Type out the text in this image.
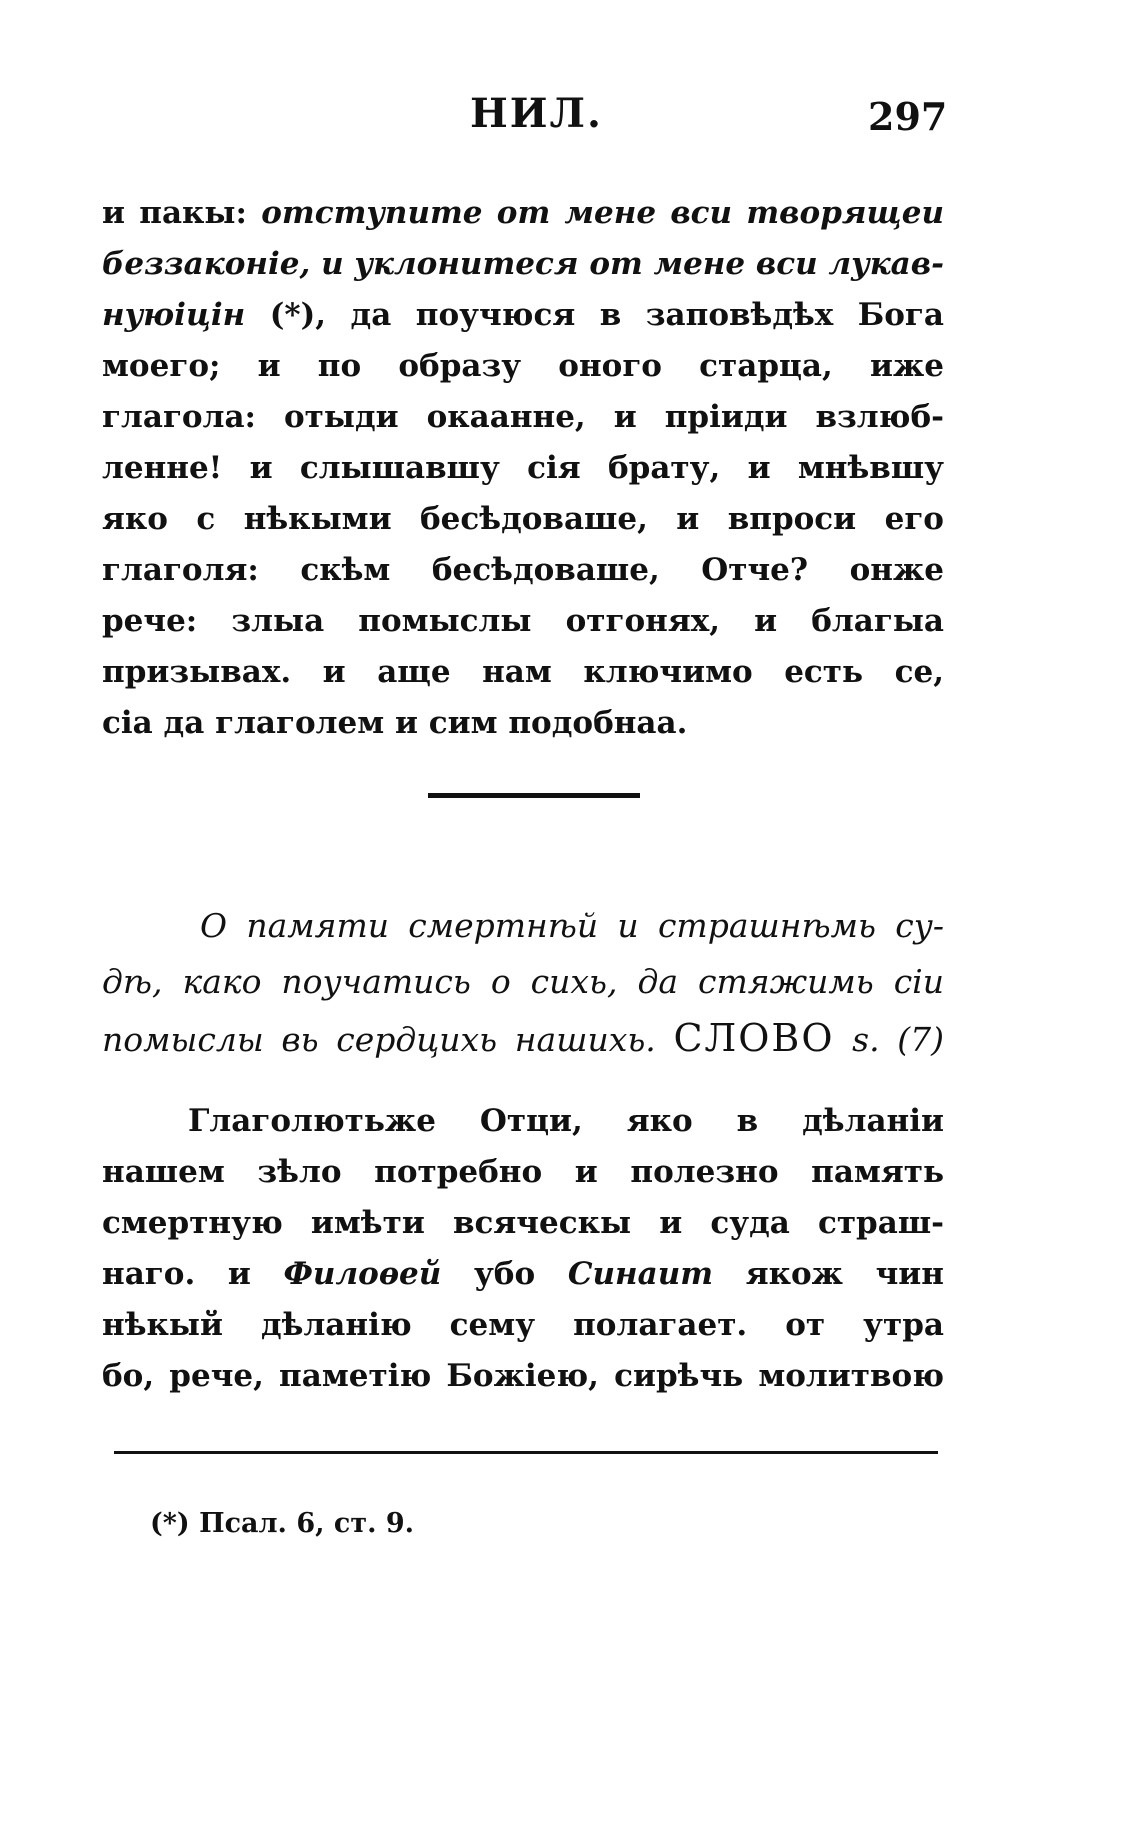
НИЛ.	297
и пакы: отступите от мене вси творящеи
беззаконіе, и уклонитеся от мене вси лукав-
нуюіцін (*), да поучюся в заповѣдѣх Бога
моего; и по образу оного старца, иже
глагола: отыди окаанне, и пріиди взлюб-
ленне! и слышавшу сія брату, и мнѣвшу
яко с нѣкыми бесѣдоваше, и впроси его
глаголя: скѣм бесѣдоваше, Отче? онже
рече: злыа помыслы отгонях, и благыа
призывах. и аще нам ключимо есть се,
сіа да глаголем и сим подобнаа.
О памяти смертнѣй и страшнѣмь су-
дѣ, како поучатись о сихь, да стяжимь сіи
помыслы вь сердцихь нашихь. СЛОВО ѕ. (7)
Глаголютьже Отци, яко в дѣланіи
нашем зѣло потребно и полезно память
смертную имѣти всяческы и суда страш-
наго. и Филоѳей убо Синаит якож чин
нѣкый дѣланію сему полагает. от утра
бо, рече, паметію Божіею, сирѣчь молитвою
(*) Псал. 6, ст. 9.
